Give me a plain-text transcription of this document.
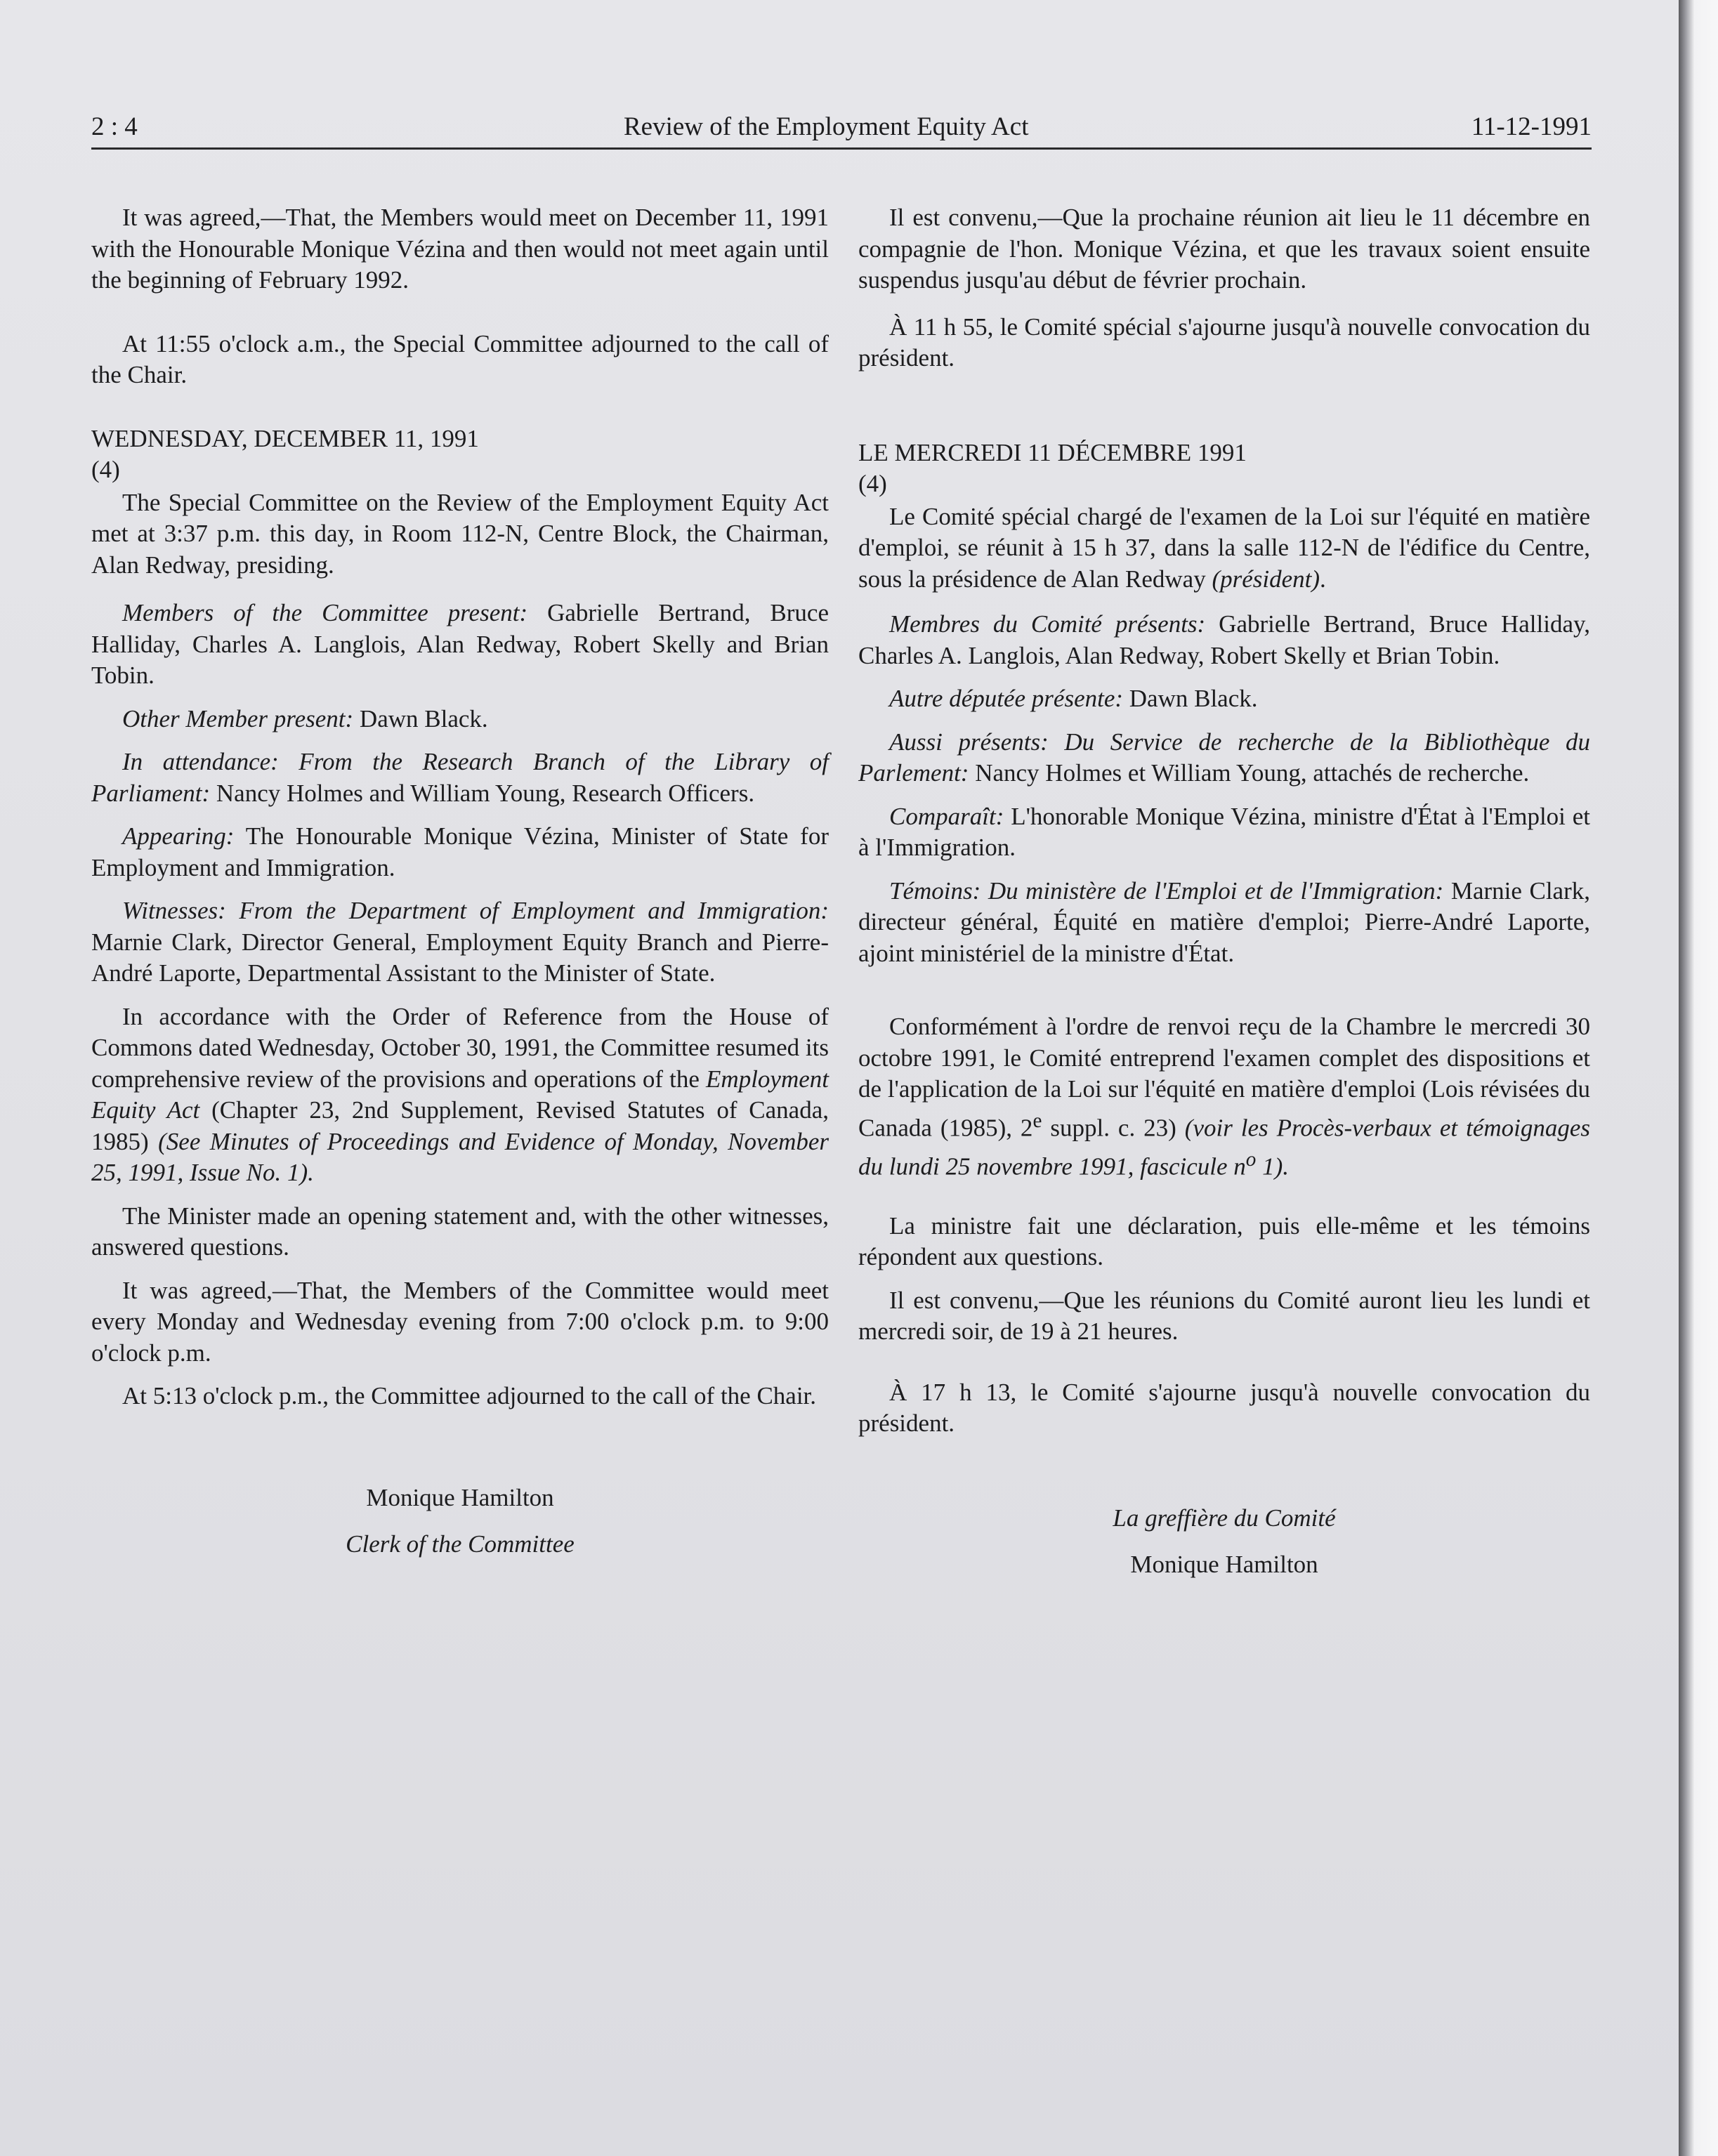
2 : 4	Review of the Employment Equity Act	11-12-1991

It was agreed,—That, the Members would meet on December 11, 1991 with the Honourable Monique Vézina and then would not meet again until the beginning of February 1992.

At 11:55 o'clock a.m., the Special Committee adjourned to the call of the Chair.

WEDNESDAY, DECEMBER 11, 1991

(4)

The Special Committee on the Review of the Employment Equity Act met at 3:37 p.m. this day, in Room 112-N, Centre Block, the Chairman, Alan Redway, presiding.

Members of the Committee present: Gabrielle Bertrand, Bruce Halliday, Charles A. Langlois, Alan Redway, Robert Skelly and Brian Tobin.

Other Member present: Dawn Black.

In attendance: From the Research Branch of the Library of Parliament: Nancy Holmes and William Young, Research Officers.

Appearing: The Honourable Monique Vézina, Minister of State for Employment and Immigration.

Witnesses: From the Department of Employment and Immigration: Marnie Clark, Director General, Employment Equity Branch and Pierre-André Laporte, Departmental Assistant to the Minister of State.

In accordance with the Order of Reference from the House of Commons dated Wednesday, October 30, 1991, the Committee resumed its comprehensive review of the provisions and operations of the Employment Equity Act (Chapter 23, 2nd Supplement, Revised Statutes of Canada, 1985) (See Minutes of Proceedings and Evidence of Monday, November 25, 1991, Issue No. 1).

The Minister made an opening statement and, with the other witnesses, answered questions.

It was agreed,—That, the Members of the Committee would meet every Monday and Wednesday evening from 7:00 o'clock p.m. to 9:00 o'clock p.m.

At 5:13 o'clock p.m., the Committee adjourned to the call of the Chair.

Monique Hamilton

Clerk of the Committee

Il est convenu,—Que la prochaine réunion ait lieu le 11 décembre en compagnie de l'hon. Monique Vézina, et que les travaux soient ensuite suspendus jusqu'au début de février prochain.

À 11 h 55, le Comité spécial s'ajourne jusqu'à nouvelle convocation du président.

LE MERCREDI 11 DÉCEMBRE 1991

(4)

Le Comité spécial chargé de l'examen de la Loi sur l'équité en matière d'emploi, se réunit à 15 h 37, dans la salle 112-N de l'édifice du Centre, sous la présidence de Alan Redway (président).

Membres du Comité présents: Gabrielle Bertrand, Bruce Halliday, Charles A. Langlois, Alan Redway, Robert Skelly et Brian Tobin.

Autre députée présente: Dawn Black.

Aussi présents: Du Service de recherche de la Bibliothèque du Parlement: Nancy Holmes et William Young, attachés de recherche.

Comparaît: L'honorable Monique Vézina, ministre d'État à l'Emploi et à l'Immigration.

Témoins: Du ministère de l'Emploi et de l'Immigration: Marnie Clark, directeur général, Équité en matière d'emploi; Pierre-André Laporte, ajoint ministériel de la ministre d'État.

Conformément à l'ordre de renvoi reçu de la Chambre le mercredi 30 octobre 1991, le Comité entreprend l'examen complet des dispositions et de l'application de la Loi sur l'équité en matière d'emploi (Lois révisées du Canada (1985), 2e suppl. c. 23) (voir les Procès-verbaux et témoignages du lundi 25 novembre 1991, fascicule $n^o$ 1).

La ministre fait une déclaration, puis elle-même et les témoins répondent aux questions.

Il est convenu,—Que les réunions du Comité auront lieu les lundi et mercredi soir, de 19 à 21 heures.

À 17 h 13, le Comité s'ajourne jusqu'à nouvelle convocation du président.

La greffière du Comité

Monique Hamilton
